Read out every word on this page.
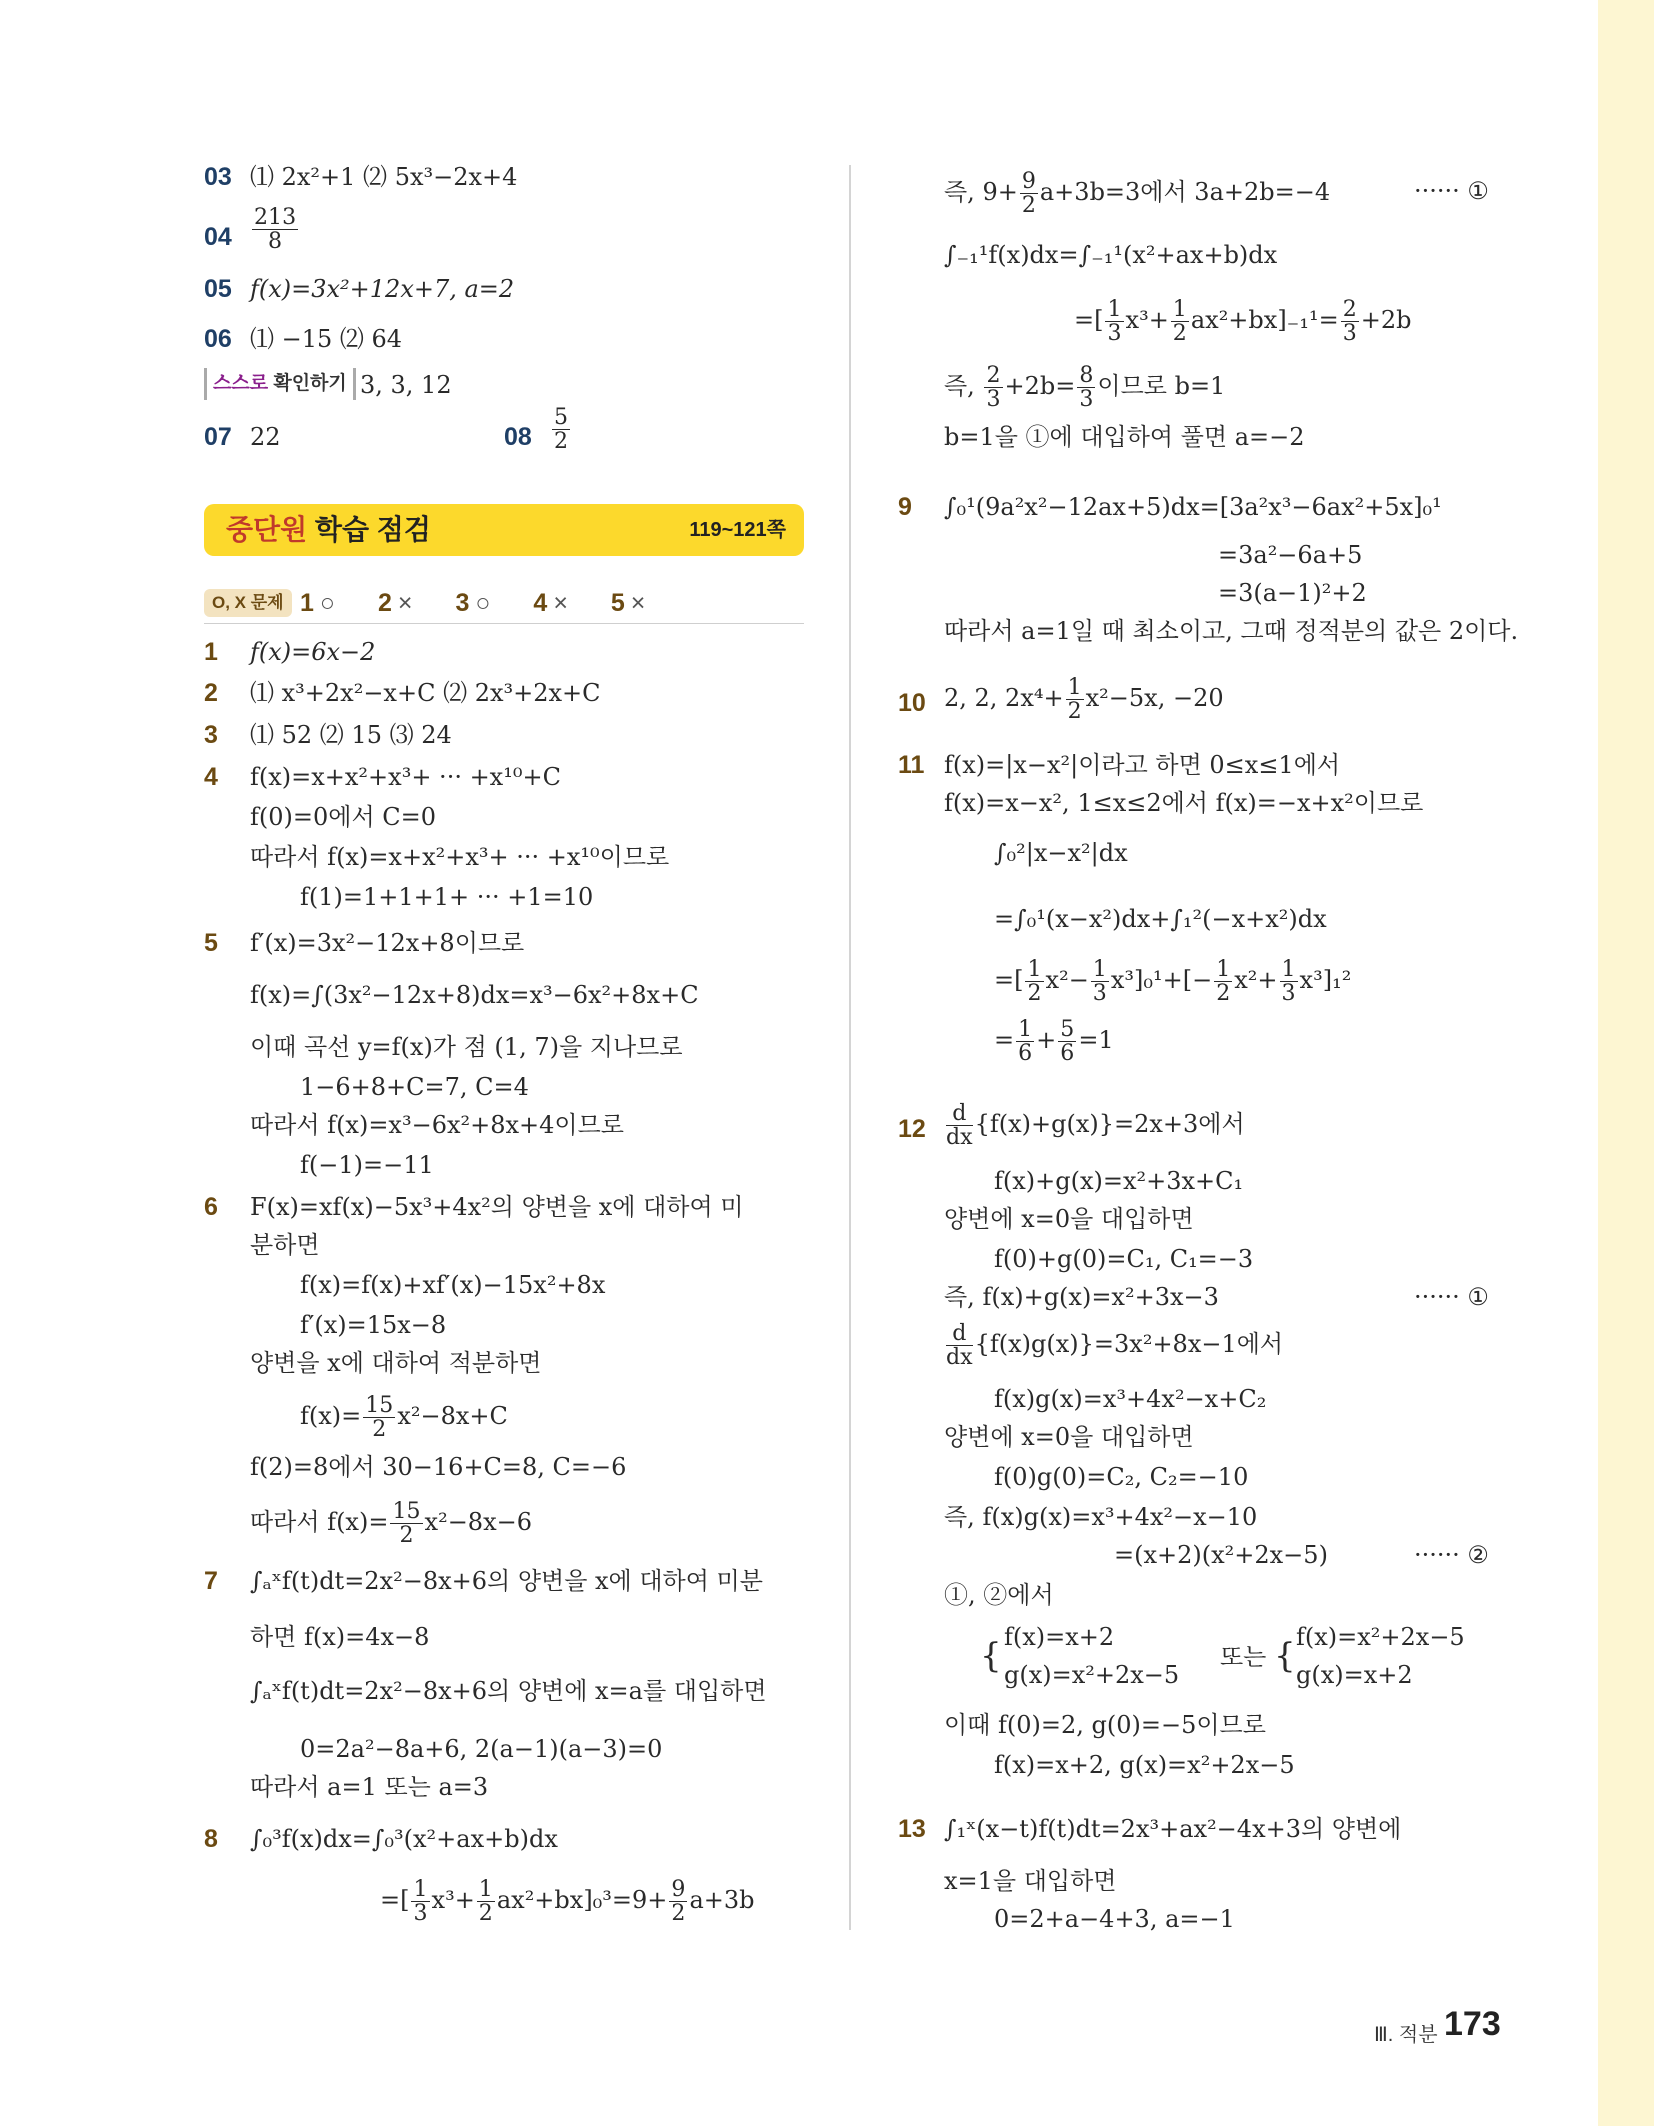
03 ⑴ 2x²+1 ⑵ 5x³−2x+4
$04 \frac{213}{8}$
05 f(x)=3x²+12x+7, a=2
06 ⑴ −15 ⑵ 64
스스로 확인하기 3, 3, 12
07 22	$08 \frac{5}{2}$
중단원 학습 점검	119~121쪽
O, X 문제 1 ○ 2 × 3 ○ 4 × 5 ×
1 f(x)=6x−2
2 ⑴ x³+2x²−x+C ⑵ 2x³+2x+C
3 ⑴ 52 ⑵ 15 ⑶ 24
4 f(x)=x+x²+x³+ ··· +x¹⁰+C
f(0)=0에서 C=0
따라서 f(x)=x+x²+x³+ ··· +x¹⁰이므로
f(1)=1+1+1+ ··· +1=10
5 f′(x)=3x²−12x+8이므로
f(x)=∫(3x²−12x+8)dx=x³−6x²+8x+C
이때 곡선 y=f(x)가 점 (1, 7)을 지나므로
1−6+8+C=7, C=4
따라서 f(x)=x³−6x²+8x+4이므로
f(−1)=−11
6 F(x)=xf(x)−5x³+4x²의 양변을 x에 대하여 미
분하면
f(x)=f(x)+xf′(x)−15x²+8x
f′(x)=15x−8
양변을 x에 대하여 적분하면
$f(x)= \frac{15}{2} x^2-8x+C$
f(2)=8에서 30−16+C=8, C=−6
따라서 $f(x)= \frac{15}{2} x^2-8x-6$
7 ∫ₐˣf(t)dt=2x²−8x+6의 양변을 x에 대하여 미분
하면 f(x)=4x−8
∫ₐˣf(t)dt=2x²−8x+6의 양변에 x=a를 대입하면
0=2a²−8a+6, 2(a−1)(a−3)=0
따라서 a=1 또는 a=3
8 ∫₀³f(x)dx=∫₀³(x²+ax+b)dx
=[ $\frac{1}{3} x^3+ \frac{1}{2} ax^2+bx]_0^3=9+ \frac{9}{2} a+3b$
즉, $9+ \frac{9}{2} a+3b=3$에서 3a+2b=−4	······ ①
∫₋₁¹f(x)dx=∫₋₁¹(x²+ax+b)dx
=[ $\frac{1}{3} x^3+ \frac{1}{2} ax^2+bx]_{-1}^1= \frac{2}{3} +2b$
즉, $\frac{2}{3} +2b= \frac{8}{3}$ 이므로 b=1
b=1을 ①에 대입하여 풀면 a=−2
9 ∫₀¹(9a²x²−12ax+5)dx=[3a²x³−6ax²+5x]₀¹
=3a²−6a+5
=3(a−1)²+2
따라서 a=1일 때 최소이고, 그때 정적분의 값은 2이다.
10 2, 2, $2x^4+ \frac{1}{2} x^2-5x$, −20
11 f(x)=|x−x²|이라고 하면 0≤x≤1에서
f(x)=x−x², 1≤x≤2에서 f(x)=−x+x²이므로
∫₀²|x−x²|dx
=∫₀¹(x−x²)dx+∫₁²(−x+x²)dx
=[ $\frac{1}{2} x^2- \frac{1}{3} x^3]_0^1+[- \frac{1}{2} x^2+ \frac{1}{3} x^3]_1^2$
= $\frac{1}{6} + \frac{5}{6} =1$
$12 \frac{d}{dx} \{f(x)+g(x)\}=2x+3$에서
f(x)+g(x)=x²+3x+C₁
양변에 x=0을 대입하면
f(0)+g(0)=C₁, C₁=−3
즉, f(x)+g(x)=x²+3x−3	······ ①
$\frac{d}{dx} \{f(x)g(x)\}=3x^2+8x-1$에서
f(x)g(x)=x³+4x²−x+C₂
양변에 x=0을 대입하면
f(0)g(0)=C₂, C₂=−10
즉, f(x)g(x)=x³+4x²−x−10
=(x+2)(x²+2x−5)	······ ②
①, ②에서
{ f(x)=x+2
g(x)=x²+2x−5
또는 { f(x)=x²+2x−5
g(x)=x+2
이때 f(0)=2, g(0)=−5이므로
f(x)=x+2, g(x)=x²+2x−5
13 ∫₁ˣ(x−t)f(t)dt=2x³+ax²−4x+3의 양변에
x=1을 대입하면
0=2+a−4+3, a=−1
Ⅲ. 적분 173
